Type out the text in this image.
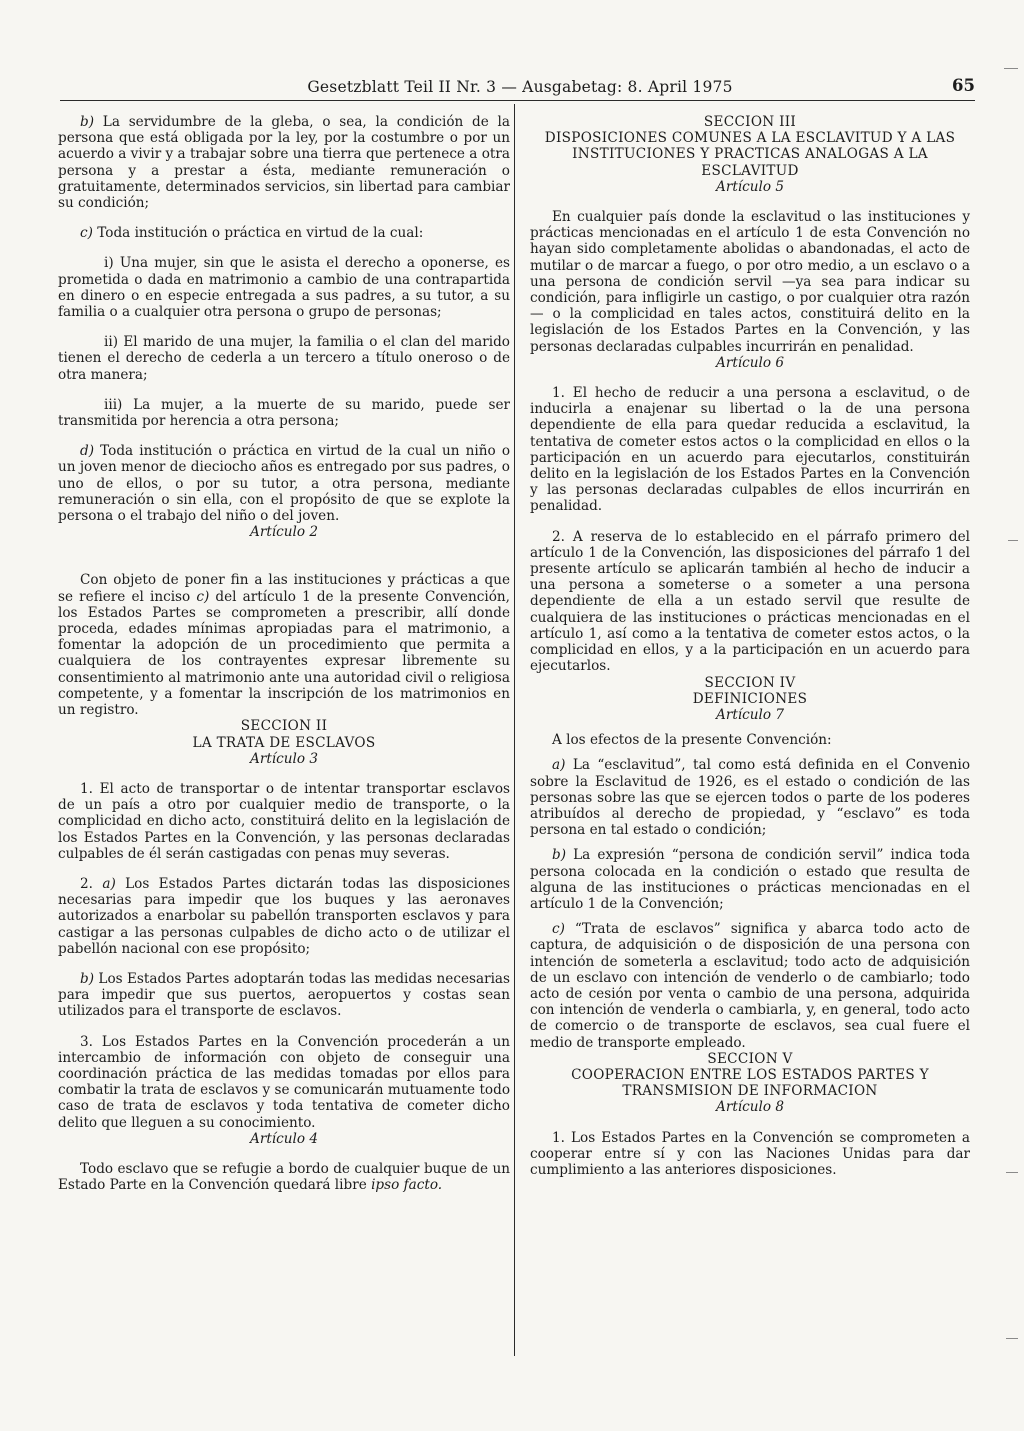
Gesetzblatt Teil II Nr. 3 — Ausgabetag: 8. April 1975	65

b) La servidumbre de la gleba, o sea, la condición de la persona que está obligada por la ley, por la costumbre o por un acuerdo a vivir y a trabajar sobre una tierra que pertenece a otra persona y a prestar a ésta, mediante remuneración o gratuitamente, determinados servicios, sin libertad para cambiar su condición;

c) Toda institución o práctica en virtud de la cual:

i) Una mujer, sin que le asista el derecho a oponerse, es prometida o dada en matrimonio a cambio de una contrapartida en dinero o en especie entregada a sus padres, a su tutor, a su familia o a cualquier otra persona o grupo de personas;

ii) El marido de una mujer, la familia o el clan del marido tienen el derecho de cederla a un tercero a título oneroso o de otra manera;

iii) La mujer, a la muerte de su marido, puede ser transmitida por herencia a otra persona;

d) Toda institución o práctica en virtud de la cual un niño o un joven menor de dieciocho años es entregado por sus padres, o uno de ellos, o por su tutor, a otra persona, mediante remuneración o sin ella, con el propósito de que se explote la persona o el trabajo del niño o del joven.

Artículo 2

Con objeto de poner fin a las instituciones y prácticas a que se refiere el inciso c) del artículo 1 de la presente Convención, los Estados Partes se comprometen a prescribir, allí donde proceda, edades mínimas apropiadas para el matrimonio, a fomentar la adopción de un procedimiento que permita a cualquiera de los contrayentes expresar libremente su consentimiento al matrimonio ante una autoridad civil o religiosa competente, y a fomentar la inscripción de los matrimonios en un registro.

SECCION II

LA TRATA DE ESCLAVOS

Artículo 3

1. El acto de transportar o de intentar transportar esclavos de un país a otro por cualquier medio de transporte, o la complicidad en dicho acto, constituirá delito en la legislación de los Estados Partes en la Convención, y las personas declaradas culpables de él serán castigadas con penas muy severas.

2. a) Los Estados Partes dictarán todas las disposiciones necesarias para impedir que los buques y las aeronaves autorizados a enarbolar su pabellón transporten esclavos y para castigar a las personas culpables de dicho acto o de utilizar el pabellón nacional con ese propósito;

b) Los Estados Partes adoptarán todas las medidas necesarias para impedir que sus puertos, aeropuertos y costas sean utilizados para el transporte de esclavos.

3. Los Estados Partes en la Convención procederán a un intercambio de información con objeto de conseguir una coordinación práctica de las medidas tomadas por ellos para combatir la trata de esclavos y se comunicarán mutuamente todo caso de trata de esclavos y toda tentativa de cometer dicho delito que lleguen a su conocimiento.

Artículo 4

Todo esclavo que se refugie a bordo de cualquier buque de un Estado Parte en la Convención quedará libre ipso facto.

SECCION III

DISPOSICIONES COMUNES A LA ESCLAVITUD Y A LAS INSTITUCIONES Y PRACTICAS ANALOGAS A LA ESCLAVITUD

Artículo 5

En cualquier país donde la esclavitud o las instituciones y prácticas mencionadas en el artículo 1 de esta Convención no hayan sido completamente abolidas o abandonadas, el acto de mutilar o de marcar a fuego, o por otro medio, a un esclavo o a una persona de condición servil —ya sea para indicar su condición, para infligirle un castigo, o por cualquier otra razón — o la complicidad en tales actos, constituirá delito en la legislación de los Estados Partes en la Convención, y las personas declaradas culpables incurrirán en penalidad.

Artículo 6

1. El hecho de reducir a una persona a esclavitud, o de inducirla a enajenar su libertad o la de una persona dependiente de ella para quedar reducida a esclavitud, la tentativa de cometer estos actos o la complicidad en ellos o la participación en un acuerdo para ejecutarlos, constituirán delito en la legislación de los Estados Partes en la Convención y las personas declaradas culpables de ellos incurrirán en penalidad.

2. A reserva de lo establecido en el párrafo primero del artículo 1 de la Convención, las disposiciones del párrafo 1 del presente artículo se aplicarán también al hecho de inducir a una persona a someterse o a someter a una persona dependiente de ella a un estado servil que resulte de cualquiera de las instituciones o prácticas mencionadas en el artículo 1, así como a la tentativa de cometer estos actos, o la complicidad en ellos, y a la participación en un acuerdo para ejecutarlos.

SECCION IV

DEFINICIONES

Artículo 7

A los efectos de la presente Convención:

a) La “esclavitud”, tal como está definida en el Convenio sobre la Esclavitud de 1926, es el estado o condición de las personas sobre las que se ejercen todos o parte de los poderes atribuídos al derecho de propiedad, y “esclavo” es toda persona en tal estado o condición;

b) La expresión “persona de condición servil” indica toda persona colocada en la condición o estado que resulta de alguna de las instituciones o prácticas mencionadas en el artículo 1 de la Convención;

c) “Trata de esclavos” significa y abarca todo acto de captura, de adquisición o de disposición de una persona con intención de someterla a esclavitud; todo acto de adquisición de un esclavo con intención de venderlo o de cambiarlo; todo acto de cesión por venta o cambio de una persona, adquirida con intención de venderla o cambiarla, y, en general, todo acto de comercio o de transporte de esclavos, sea cual fuere el medio de transporte empleado.

SECCION V

COOPERACION ENTRE LOS ESTADOS PARTES Y TRANSMISION DE INFORMACION

Artículo 8

1. Los Estados Partes en la Convención se comprometen a cooperar entre sí y con las Naciones Unidas para dar cumplimiento a las anteriores disposiciones.
